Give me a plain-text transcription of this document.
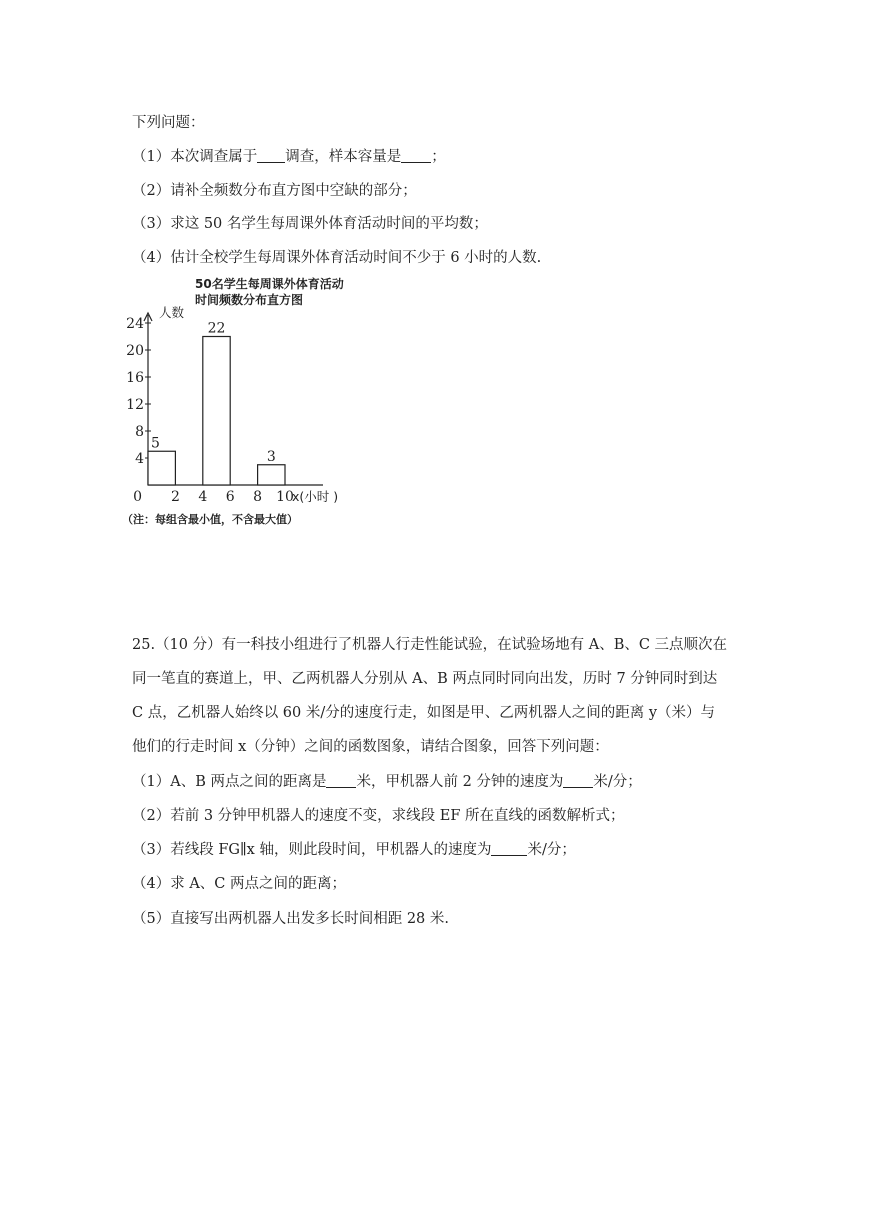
下列问题：
（1）本次调查属于 调查，样本容量是 ；
（2）请补全频数分布直方图中空缺的部分；
（3）求这 50 名学生每周课外体育活动时间的平均数；
（4）估计全校学生每周课外体育活动时间不少于 6 小时的人数.
50名学生每周课外体育活动
时间频数分布直方图
人数
24
20
16
12
8
4
0 2 4 6 8 10
5
22
3
x(小时 )
（注：每组含最小值，不含最大值）
25.（10 分）有一科技小组进行了机器人行走性能试验，在试验场地有 A、B、C 三点顺次在
同一笔直的赛道上，甲、乙两机器人分别从 A、B 两点同时同向出发，历时 7 分钟同时到达
C 点，乙机器人始终以 60 米/分的速度行走，如图是甲、乙两机器人之间的距离 y（米）与
他们的行走时间 x（分钟）之间的函数图象，请结合图象，回答下列问题：
（1）A、B 两点之间的距离是 米，甲机器人前 2 分钟的速度为 米/分；
（2）若前 3 分钟甲机器人的速度不变，求线段 EF 所在直线的函数解析式；
（3）若线段 FG∥x 轴，则此段时间，甲机器人的速度为 米/分；
（4）求 A、C 两点之间的距离；
（5）直接写出两机器人出发多长时间相距 28 米.
